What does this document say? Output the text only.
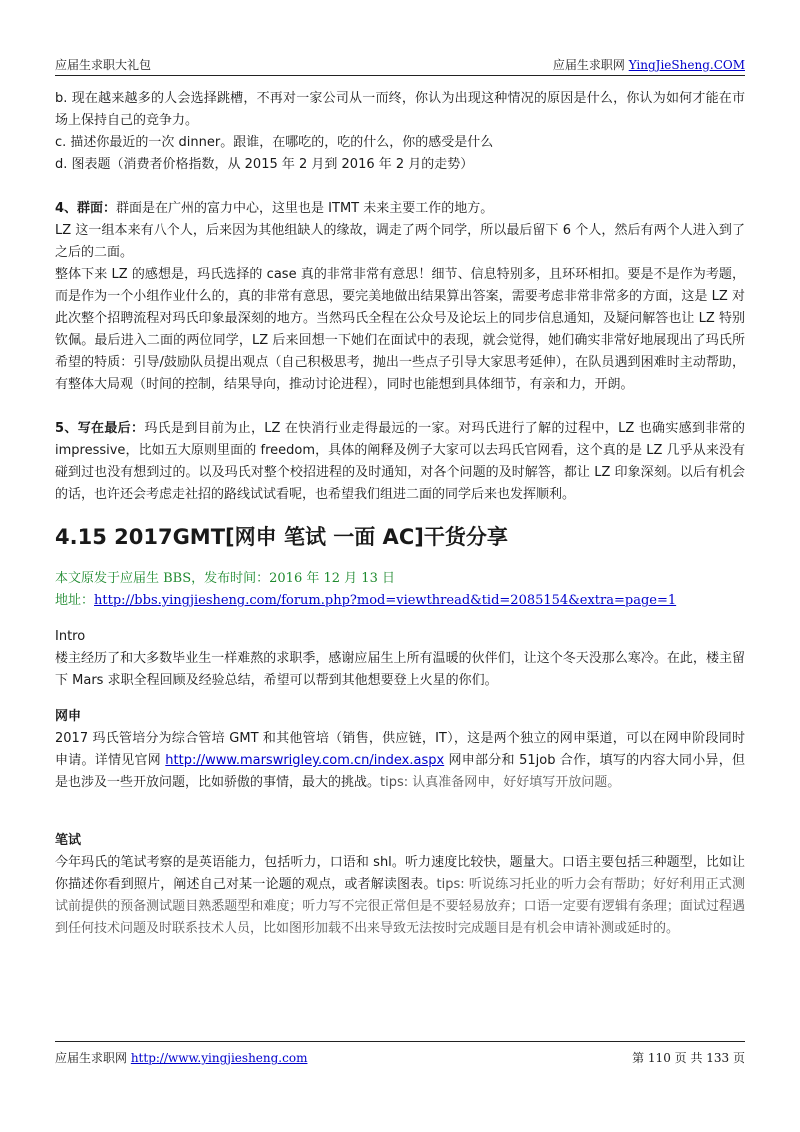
应届生求职大礼包	应届生求职网 YingJieSheng.COM

b. 现在越来越多的人会选择跳槽，不再对一家公司从一而终，你认为出现这种情况的原因是什么，你认为如何才能在市场上保持自己的竞争力。

c. 描述你最近的一次 dinner。跟谁，在哪吃的，吃的什么，你的感受是什么

d. 图表题（消费者价格指数，从 2015 年 2 月到 2016 年 2 月的走势）

4、群面：群面是在广州的富力中心，这里也是 ITMT 未来主要工作的地方。

LZ 这一组本来有八个人，后来因为其他组缺人的缘故，调走了两个同学，所以最后留下 6 个人，然后有两个人进入到了之后的二面。

整体下来 LZ 的感想是，玛氏选择的 case 真的非常非常有意思！细节、信息特别多，且环环相扣。要是不是作为考题，而是作为一个小组作业什么的，真的非常有意思，要完美地做出结果算出答案，需要考虑非常非常多的方面，这是 LZ 对此次整个招聘流程对玛氏印象最深刻的地方。当然玛氏全程在公众号及论坛上的同步信息通知，及疑问解答也让 LZ 特别钦佩。最后进入二面的两位同学，LZ 后来回想一下她们在面试中的表现，就会觉得，她们确实非常好地展现出了玛氏所希望的特质：引导/鼓励队员提出观点（自己积极思考，抛出一些点子引导大家思考延伸），在队员遇到困难时主动帮助，有整体大局观（时间的控制，结果导向，推动讨论进程），同时也能想到具体细节，有亲和力，开朗。

5、写在最后：玛氏是到目前为止，LZ 在快消行业走得最远的一家。对玛氏进行了解的过程中，LZ 也确实感到非常的 impressive，比如五大原则里面的 freedom，具体的阐释及例子大家可以去玛氏官网看，这个真的是 LZ 几乎从来没有碰到过也没有想到过的。以及玛氏对整个校招进程的及时通知，对各个问题的及时解答，都让 LZ 印象深刻。以后有机会的话，也许还会考虑走社招的路线试试看呢，也希望我们组进二面的同学后来也发挥顺利。

4.15 2017GMT[网申 笔试 一面 AC]干货分享

本文原发于应届生 BBS，发布时间：2016 年 12 月 13 日

地址：http://bbs.yingjiesheng.com/forum.php?mod=viewthread&tid=2085154&extra=page=1

Intro

楼主经历了和大多数毕业生一样难熬的求职季，感谢应届生上所有温暖的伙伴们，让这个冬天没那么寒冷。在此，楼主留下 Mars 求职全程回顾及经验总结，希望可以帮到其他想要登上火星的你们。

网申

2017 玛氏管培分为综合管培 GMT 和其他管培（销售，供应链，IT），这是两个独立的网申渠道，可以在网申阶段同时申请。详情见官网 http://www.marswrigley.com.cn/index.aspx 网申部分和 51job 合作，填写的内容大同小异，但是也涉及一些开放问题，比如骄傲的事情，最大的挑战。tips: 认真准备网申，好好填写开放问题。

笔试

今年玛氏的笔试考察的是英语能力，包括听力，口语和 shl。听力速度比较快，题量大。口语主要包括三种题型，比如让你描述你看到照片，阐述自己对某一论题的观点，或者解读图表。tips: 听说练习托业的听力会有帮助；好好利用正式测试前提供的预备测试题目熟悉题型和难度；听力写不完很正常但是不要轻易放弃；口语一定要有逻辑有条理；面试过程遇到任何技术问题及时联系技术人员，比如图形加载不出来导致无法按时完成题目是有机会申请补测或延时的。

应届生求职网 http://www.yingjiesheng.com	第 110 页 共 133 页
